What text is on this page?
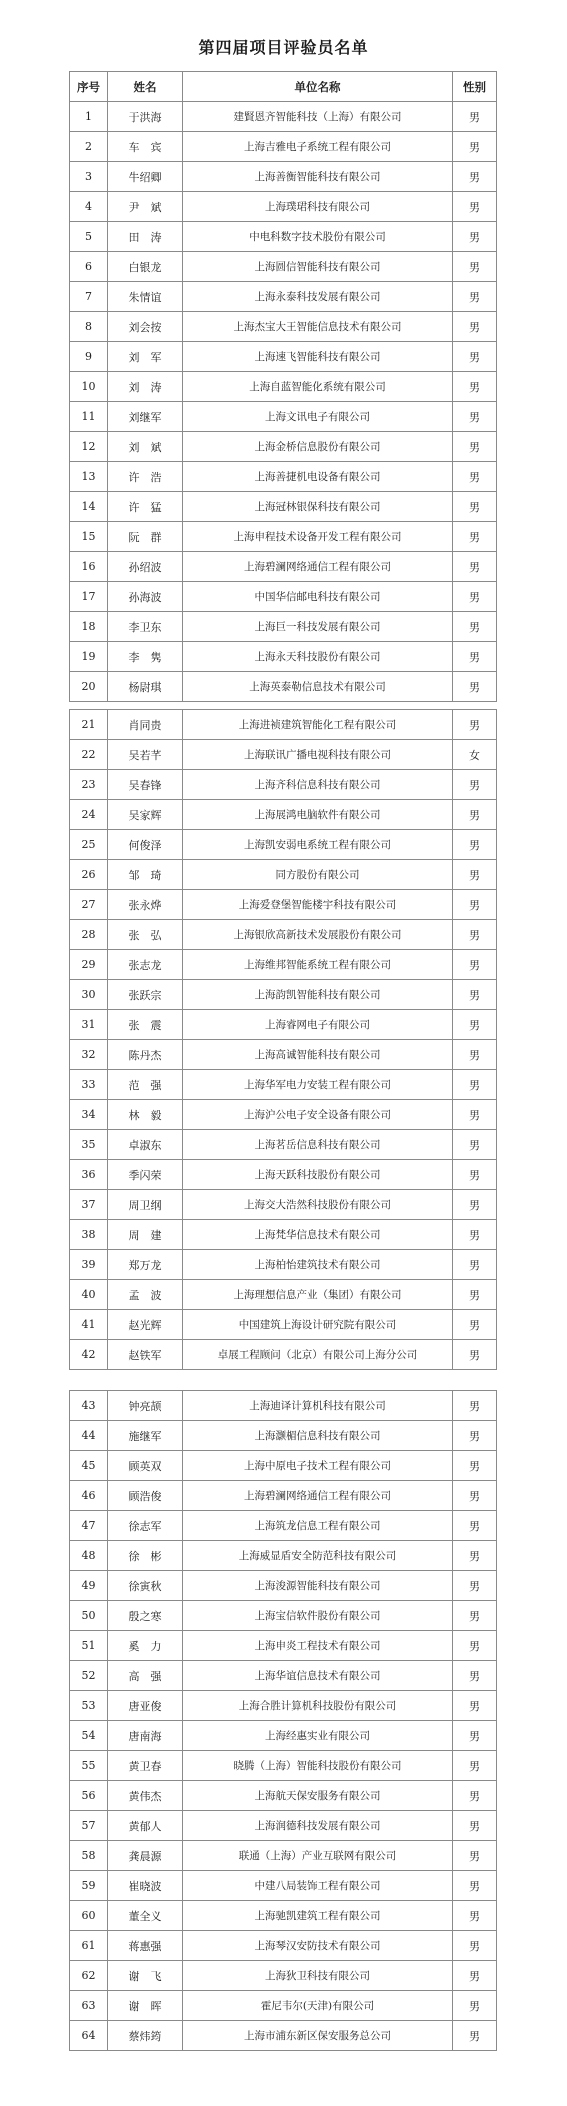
第四届项目评验员名单
序号	姓名	单位名称	性别
1	于洪海	建賢恩齐智能科技（上海）有限公司	男
2	车　宾	上海吉雅电子系统工程有限公司	男
3	牛绍卿	上海善衡智能科技有限公司	男
4	尹　斌	上海璞珺科技有限公司	男
5	田　涛	中电科数字技术股份有限公司	男
6	白银龙	上海圆信智能科技有限公司	男
7	朱情谊	上海永泰科技发展有限公司	男
8	刘会按	上海杰宝大王智能信息技术有限公司	男
9	刘　军	上海速飞智能科技有限公司	男
10	刘　涛	上海自蓝智能化系统有限公司	男
11	刘继军	上海文讯电子有限公司	男
12	刘　斌	上海金桥信息股份有限公司	男
13	许　浩	上海善捷机电设备有限公司	男
14	许　猛	上海冠林银保科技有限公司	男
15	阮　群	上海申程技术设备开发工程有限公司	男
16	孙绍波	上海碧澜网络通信工程有限公司	男
17	孙海波	中国华信邮电科技有限公司	男
18	李卫东	上海巨一科技发展有限公司	男
19	李　隽	上海永天科技股份有限公司	男
20	杨尉琪	上海英泰勒信息技术有限公司	男
21	肖同贵	上海进祯建筑智能化工程有限公司	男
22	吴若芊	上海联讯广播电视科技有限公司	女
23	吴春锋	上海齐科信息科技有限公司	男
24	吴家辉	上海展鸿电脑软件有限公司	男
25	何俊泽	上海凯安弱电系统工程有限公司	男
26	邹　琦	同方股份有限公司	男
27	张永烨	上海爱登堡智能楼宇科技有限公司	男
28	张　弘	上海银欣高新技术发展股份有限公司	男
29	张志龙	上海维邦智能系统工程有限公司	男
30	张跃宗	上海韵凯智能科技有限公司	男
31	张　震	上海睿网电子有限公司	男
32	陈丹杰	上海高诚智能科技有限公司	男
33	范　强	上海华军电力安装工程有限公司	男
34	林　毅	上海沪公电子安全设备有限公司	男
35	卓淑东	上海茗岳信息科技有限公司	男
36	季闪荣	上海天跃科技股份有限公司	男
37	周卫纲	上海交大浩然科技股份有限公司	男
38	周　建	上海梵华信息技术有限公司	男
39	郑万龙	上海柏怡建筑技术有限公司	男
40	孟　波	上海理想信息产业（集团）有限公司	男
41	赵光辉	中国建筑上海设计研究院有限公司	男
42	赵铁军	卓展工程顾问（北京）有限公司上海分公司	男
43	钟亮颉	上海迪译计算机科技有限公司	男
44	施继军	上海灏楣信息科技有限公司	男
45	顾英双	上海中原电子技术工程有限公司	男
46	顾浩俊	上海碧澜网络通信工程有限公司	男
47	徐志军	上海筑龙信息工程有限公司	男
48	徐　彬	上海威显盾安全防范科技有限公司	男
49	徐寅秋	上海浚源智能科技有限公司	男
50	殷之寒	上海宝信软件股份有限公司	男
51	奚　力	上海申炎工程技术有限公司	男
52	高　强	上海华谊信息技术有限公司	男
53	唐亚俊	上海合胜计算机科技股份有限公司	男
54	唐南海	上海经惠实业有限公司	男
55	黄卫春	晓腾（上海）智能科技股份有限公司	男
56	黄伟杰	上海航天保安服务有限公司	男
57	黄郁人	上海润德科技发展有限公司	男
58	龚晨源	联通（上海）产业互联网有限公司	男
59	崔晓波	中建八局装饰工程有限公司	男
60	董全义	上海驰凯建筑工程有限公司	男
61	蒋惠强	上海琴汉安防技术有限公司	男
62	谢　飞	上海狄卫科技有限公司	男
63	谢　晖	霍尼韦尔(天津)有限公司	男
64	蔡炜筠	上海市浦东新区保安服务总公司	男
